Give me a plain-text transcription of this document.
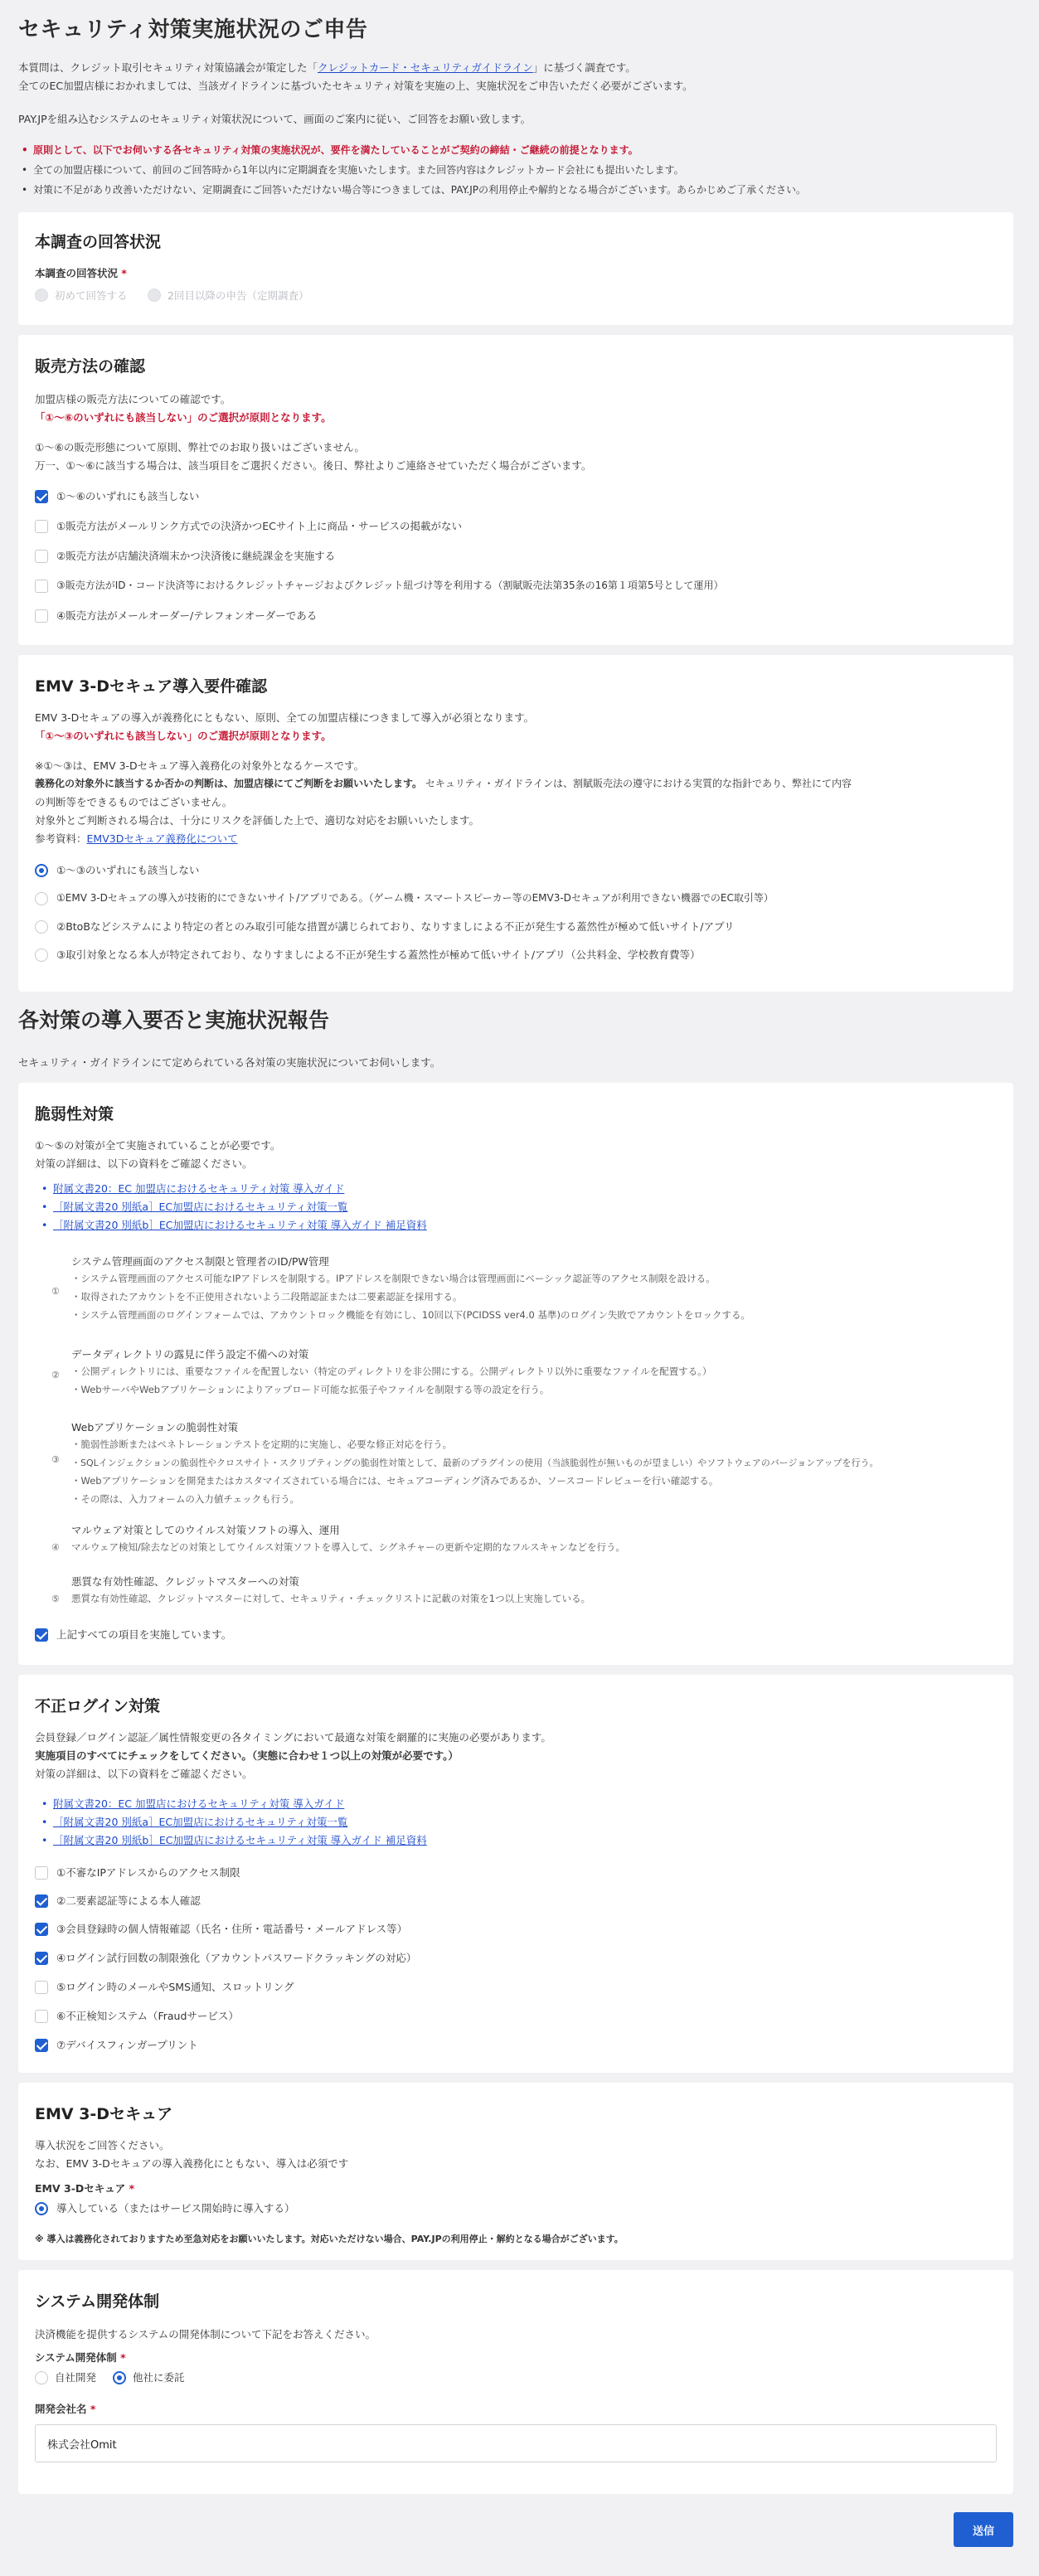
セキュリティ対策実施状況のご申告
本質問は、クレジット取引セキュリティ対策協議会が策定した「クレジットカード・セキュリティガイドライン」に基づく調査です。
全てのEC加盟店様におかれましては、当該ガイドラインに基づいたセキュリティ対策を実施の上、実施状況をご申告いただく必要がございます。
PAY.JPを組み込むシステムのセキュリティ対策状況について、画面のご案内に従い、ご回答をお願い致します。
• 原則として、以下でお伺いする各セキュリティ対策の実施状況が、要件を満たしていることがご契約の締結・ご継続の前提となります。
• 全ての加盟店様について、前回のご回答時から1年以内に定期調査を実施いたします。また回答内容はクレジットカード会社にも提出いたします。
• 対策に不足があり改善いただけない、定期調査にご回答いただけない場合等につきましては、PAY.JPの利用停止や解約となる場合がございます。あらかじめご了承ください。
本調査の回答状況
本調査の回答状況 *
初めて回答する	2回目以降の申告（定期調査）
販売方法の確認
加盟店様の販売方法についての確認です。
「①〜⑥のいずれにも該当しない」のご選択が原則となります。
①〜⑥の販売形態について原則、弊社でのお取り扱いはございません。
万一、①〜⑥に該当する場合は、該当項目をご選択ください。後日、弊社よりご連絡させていただく場合がございます。
①〜⑥のいずれにも該当しない
①販売方法がメールリンク方式での決済かつECサイト上に商品・サービスの掲載がない
②販売方法が店舗決済端末かつ決済後に継続課金を実施する
③販売方法がID・コード決済等におけるクレジットチャージおよびクレジット紐づけ等を利用する（割賦販売法第35条の16第１項第5号として運用）
④販売方法がメールオーダー/テレフォンオーダーである
EMV 3-Dセキュア導入要件確認
EMV 3-Dセキュアの導入が義務化にともない、原則、全ての加盟店様につきまして導入が必須となります。
「①〜③のいずれにも該当しない」のご選択が原則となります。
※①〜③は、EMV 3-Dセキュア導入義務化の対象外となるケースです。
義務化の対象外に該当するか否かの判断は、加盟店様にてご判断をお願いいたします。 セキュリティ・ガイドラインは、割賦販売法の遵守における実質的な指針であり、弊社にて内容
の判断等をできるものではございません。
対象外とご判断される場合は、十分にリスクを評価した上で、適切な対応をお願いいたします。
参考資料：EMV3Dセキュア義務化について
①〜③のいずれにも該当しない
①EMV 3-Dセキュアの導入が技術的にできないサイト/アプリである。（ゲーム機・スマートスピーカー等のEMV3-Dセキュアが利用できない機器でのEC取引等）
②BtoBなどシステムにより特定の者とのみ取引可能な措置が講じられており、なりすましによる不正が発生する蓋然性が極めて低いサイト/アプリ
③取引対象となる本人が特定されており、なりすましによる不正が発生する蓋然性が極めて低いサイト/アプリ（公共料金、学校教育費等）
各対策の導入要否と実施状況報告
セキュリティ・ガイドラインにて定められている各対策の実施状況についてお伺いします。
脆弱性対策
①〜⑤の対策が全て実施されていることが必要です。
対策の詳細は、以下の資料をご確認ください。
• 附属文書20：EC 加盟店におけるセキュリティ対策 導入ガイド
• ［附属文書20 別紙a］EC加盟店におけるセキュリティ対策一覧
• ［附属文書20 別紙b］EC加盟店におけるセキュリティ対策 導入ガイド 補足資料
①
システム管理画面のアクセス制限と管理者のID/PW管理
・システム管理画面のアクセス可能なIPアドレスを制限する。IPアドレスを制限できない場合は管理画面にベーシック認証等のアクセス制限を設ける。
・取得されたアカウントを不正使用されないよう二段階認証または二要素認証を採用する。
・システム管理画面のログインフォームでは、アカウントロック機能を有効にし、10回以下(PCIDSS ver4.0 基準)のログイン失敗でアカウントをロックする。
②
データディレクトリの露見に伴う設定不備への対策
・公開ディレクトリには、重要なファイルを配置しない（特定のディレクトリを非公開にする。公開ディレクトリ以外に重要なファイルを配置する。）
・WebサーバやWebアプリケーションによりアップロード可能な拡張子やファイルを制限する等の設定を行う。
③
Webアプリケーションの脆弱性対策
・脆弱性診断またはペネトレーションテストを定期的に実施し、必要な修正対応を行う。
・SQLインジェクションの脆弱性やクロスサイト・スクリプティングの脆弱性対策として、最新のプラグインの使用（当該脆弱性が無いものが望ましい）やソフトウェアのバージョンアップを行う。
・Webアプリケーションを開発またはカスタマイズされている場合には、セキュアコーディング済みであるか、ソースコードレビューを行い確認する。
・その際は、入力フォームの入力値チェックも行う。
④
マルウェア対策としてのウイルス対策ソフトの導入、運用
マルウェア検知/除去などの対策としてウイルス対策ソフトを導入して、シグネチャーの更新や定期的なフルスキャンなどを行う。
⑤
悪質な有効性確認、クレジットマスターへの対策
悪質な有効性確認、クレジットマスターに対して、セキュリティ・チェックリストに記載の対策を1つ以上実施している。
上記すべての項目を実施しています。
不正ログイン対策
会員登録／ログイン認証／属性情報変更の各タイミングにおいて最適な対策を網羅的に実施の必要があります。
実施項目のすべてにチェックをしてください。（実態に合わせ１つ以上の対策が必要です。）
対策の詳細は、以下の資料をご確認ください。
• 附属文書20：EC 加盟店におけるセキュリティ対策 導入ガイド
• ［附属文書20 別紙a］EC加盟店におけるセキュリティ対策一覧
• ［附属文書20 別紙b］EC加盟店におけるセキュリティ対策 導入ガイド 補足資料
①不審なIPアドレスからのアクセス制限
②二要素認証等による本人確認
③会員登録時の個人情報確認（氏名・住所・電話番号・メールアドレス等）
④ログイン試行回数の制限強化（アカウントパスワードクラッキングの対応）
⑤ログイン時のメールやSMS通知、スロットリング
⑥不正検知システム（Fraudサービス）
⑦デバイスフィンガープリント
EMV 3-Dセキュア
導入状況をご回答ください。
なお、EMV 3-Dセキュアの導入義務化にともない、導入は必須です
EMV 3-Dセキュア *
導入している（またはサービス開始時に導入する）
※ 導入は義務化されておりますため至急対応をお願いいたします。対応いただけない場合、PAY.JPの利用停止・解約となる場合がございます。
システム開発体制
決済機能を提供するシステムの開発体制について下記をお答えください。
システム開発体制 *
自社開発	他社に委託
開発会社名 *
株式会社Omit
送信
